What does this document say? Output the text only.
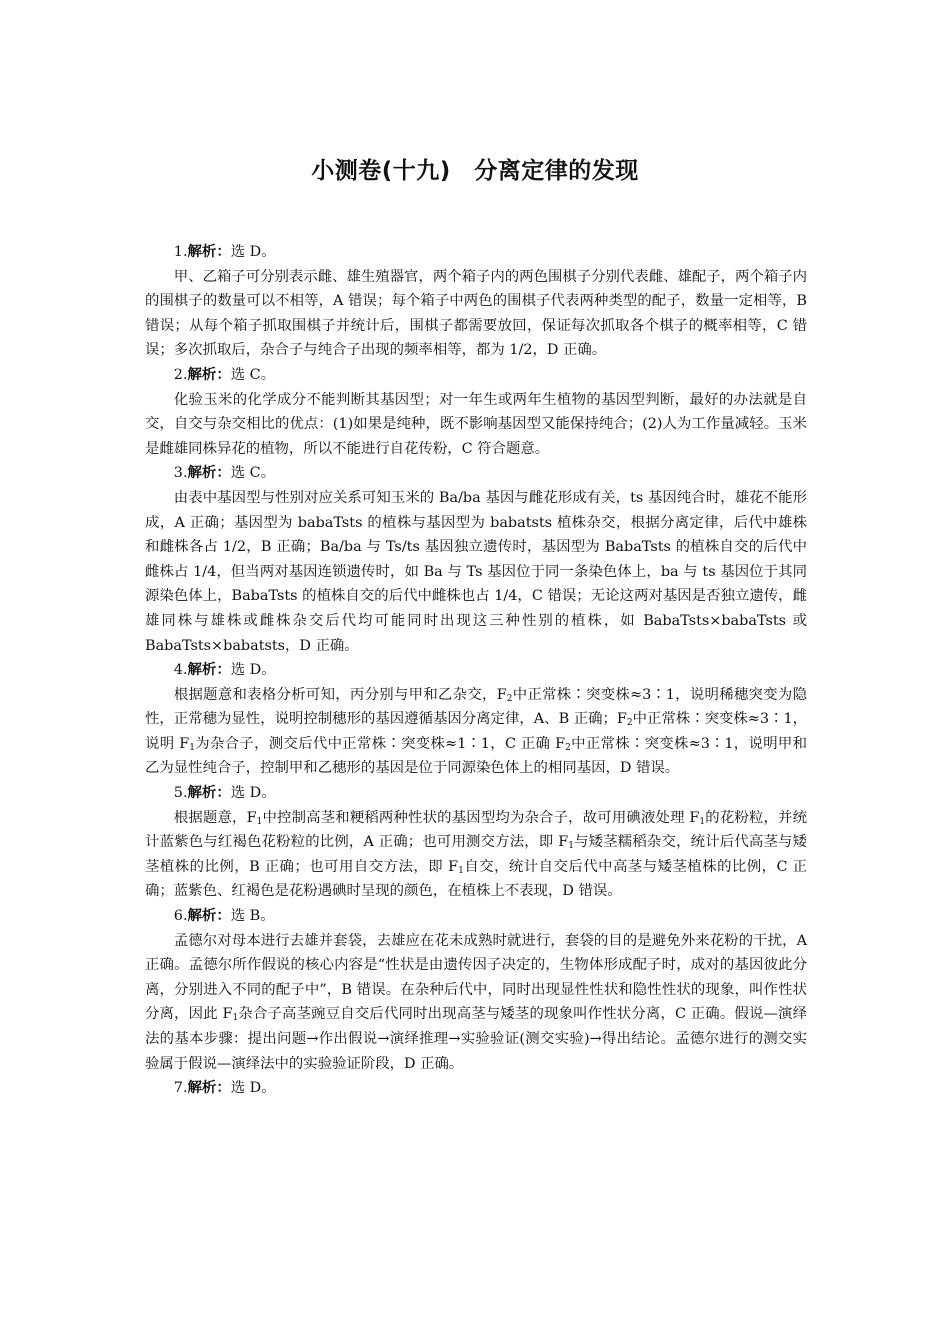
小测卷(十九)　分离定律的发现

1.解析：选 D。

甲、乙箱子可分别表示雌、雄生殖器官，两个箱子内的两色围棋子分别代表雌、雄配子，两个箱子内的围棋子的数量可以不相等，A 错误；每个箱子中两色的围棋子代表两种类型的配子，数量一定相等，B 错误；从每个箱子抓取围棋子并统计后，围棋子都需要放回，保证每次抓取各个棋子的概率相等，C 错误；多次抓取后，杂合子与纯合子出现的频率相等，都为 1/2，D 正确。

2.解析：选 C。

化验玉米的化学成分不能判断其基因型；对一年生或两年生植物的基因型判断，最好的办法就是自交，自交与杂交相比的优点：(1)如果是纯种，既不影响基因型又能保持纯合；(2)人为工作量减轻。玉米是雌雄同株异花的植物，所以不能进行自花传粉，C 符合题意。

3.解析：选 C。

由表中基因型与性别对应关系可知玉米的 Ba/ba 基因与雌花形成有关，ts 基因纯合时，雄花不能形成，A 正确；基因型为 babaTsts 的植株与基因型为 babatsts 植株杂交，根据分离定律，后代中雄株和雌株各占 1/2，B 正确；Ba/ba 与 Ts/ts 基因独立遗传时，基因型为 BabaTsts 的植株自交的后代中雌株占 1/4，但当两对基因连锁遗传时，如 Ba 与 Ts 基因位于同一条染色体上，ba 与 ts 基因位于其同源染色体上，BabaTsts 的植株自交的后代中雌株也占 1/4，C 错误；无论这两对基因是否独立遗传，雌雄同株与雄株或雌株杂交后代均可能同时出现这三种性别的植株，如 BabaTsts×babaTsts 或 BabaTsts×babatsts，D 正确。

4.解析：选 D。

根据题意和表格分析可知，丙分别与甲和乙杂交，$F_2$中正常株∶突变株≈3∶1，说明稀穗突变为隐性，正常穗为显性，说明控制穗形的基因遵循基因分离定律，A、B 正确；$F_2$中正常株∶突变株≈3∶1，说明 $F_1$为杂合子，测交后代中正常株∶突变株≈1∶1，C 正确 $F_2$中正常株∶突变株≈3∶1，说明甲和乙为显性纯合子，控制甲和乙穗形的基因是位于同源染色体上的相同基因，D 错误。

5.解析：选 D。

根据题意，$F_1$中控制高茎和粳稻两种性状的基因型均为杂合子，故可用碘液处理 $F_1$的花粉粒，并统计蓝紫色与红褐色花粉粒的比例，A 正确；也可用测交方法，即 $F_1$与矮茎糯稻杂交，统计后代高茎与矮茎植株的比例，B 正确；也可用自交方法，即 $F_1$自交，统计自交后代中高茎与矮茎植株的比例，C 正确；蓝紫色、红褐色是花粉遇碘时呈现的颜色，在植株上不表现，D 错误。

6.解析：选 B。

孟德尔对母本进行去雄并套袋，去雄应在花未成熟时就进行，套袋的目的是避免外来花粉的干扰，A 正确。孟德尔所作假说的核心内容是“性状是由遗传因子决定的，生物体形成配子时，成对的基因彼此分离，分别进入不同的配子中”，B 错误。在杂种后代中，同时出现显性性状和隐性性状的现象，叫作性状分离，因此 $F_1$杂合子高茎豌豆自交后代同时出现高茎与矮茎的现象叫作性状分离，C 正确。假说—演绎法的基本步骤：提出问题→作出假说→演绎推理→实验验证(测交实验)→得出结论。孟德尔进行的测交实验属于假说—演绎法中的实验验证阶段，D 正确。

7.解析：选 D。
